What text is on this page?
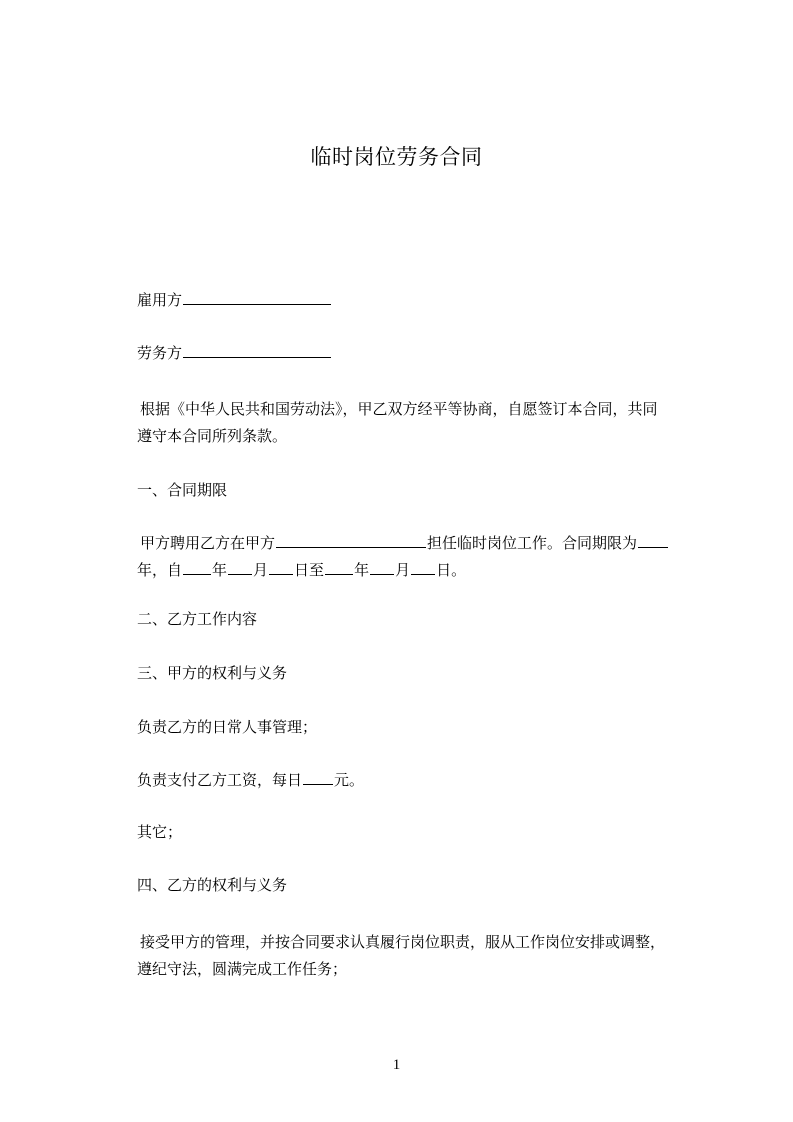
临时岗位劳务合同
雇用方
劳务方
根据《中华人民共和国劳动法》，甲乙双方经平等协商，自愿签订本合同，共同
遵守本合同所列条款。
一、合同期限
甲方聘用乙方在甲方	担任临时岗位工作。合同期限为
年，自 年 月 日至 年 月 日。
二、乙方工作内容
三、甲方的权利与义务
负责乙方的日常人事管理；
负责支付乙方工资，每日 元。
其它；
四、乙方的权利与义务
接受甲方的管理，并按合同要求认真履行岗位职责，服从工作岗位安排或调整，
遵纪守法，圆满完成工作任务；
1
